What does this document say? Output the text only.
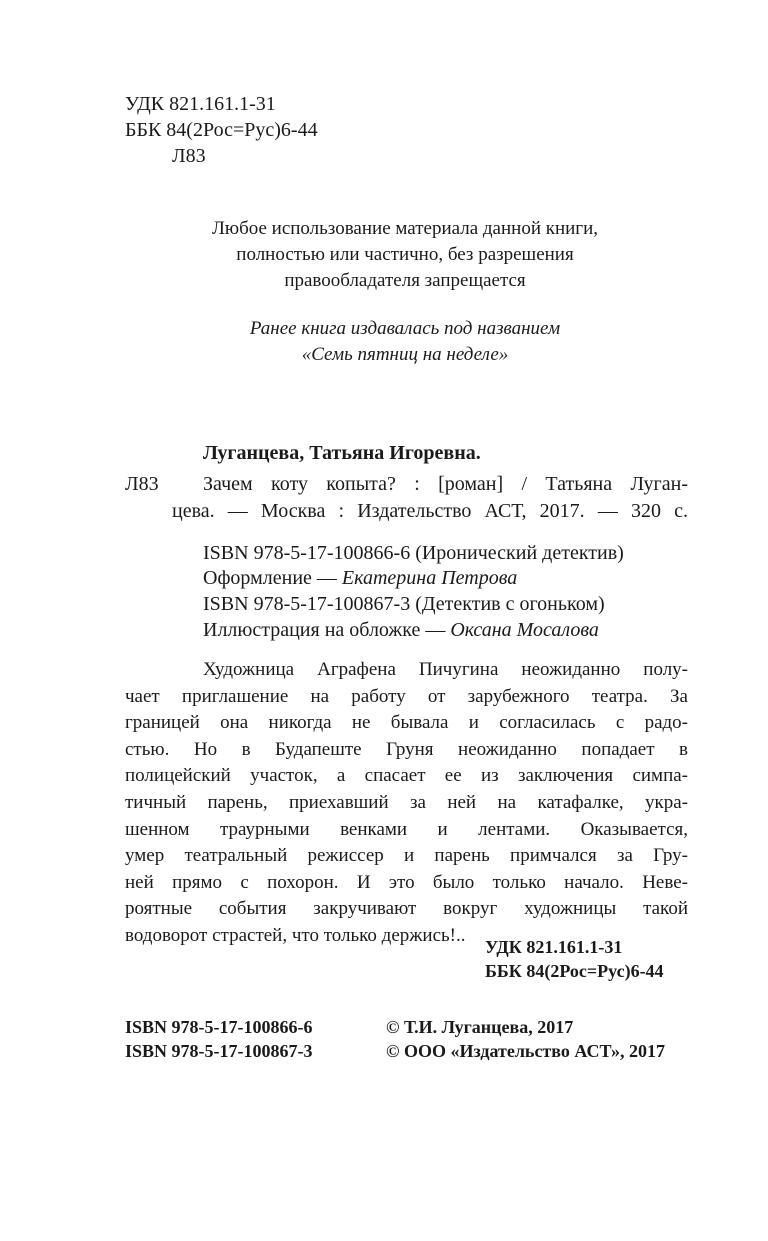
УДК 821.161.1-31
ББК 84(2Рос=Рус)6-44
Л83
Любое использование материала данной книги,
полностью или частично, без разрешения
правообладателя запрещается
Ранее книга издавалась под названием
«Семь пятниц на неделе»
Луганцева, Татьяна Игоревна.
Л83 Зачем коту копыта? : [роман] / Татьяна Луган-
цева. — Москва : Издательство АСТ, 2017. — 320 с.
ISBN 978-5-17-100866-6 (Иронический детектив)
Оформление — Екатерина Петрова
ISBN 978-5-17-100867-3 (Детектив с огоньком)
Иллюстрация на обложке — Оксана Мосалова
Художница Аграфена Пичугина неожиданно полу-
чает приглашение на работу от зарубежного театра. За
границей она никогда не бывала и согласилась с радо-
стью. Но в Будапеште Груня неожиданно попадает в
полицейский участок, а спасает ее из заключения симпа-
тичный парень, приехавший за ней на катафалке, укра-
шенном траурными венками и лентами. Оказывается,
умер театральный режиссер и парень примчался за Гру-
ней прямо с похорон. И это было только начало. Неве-
роятные события закручивают вокруг художницы такой
водоворот страстей, что только держись!..
УДК 821.161.1-31
ББК 84(2Рос=Рус)6-44
ISBN 978-5-17-100866-6
ISBN 978-5-17-100867-3
© Т.И. Луганцева, 2017
© ООО «Издательство АСТ», 2017
